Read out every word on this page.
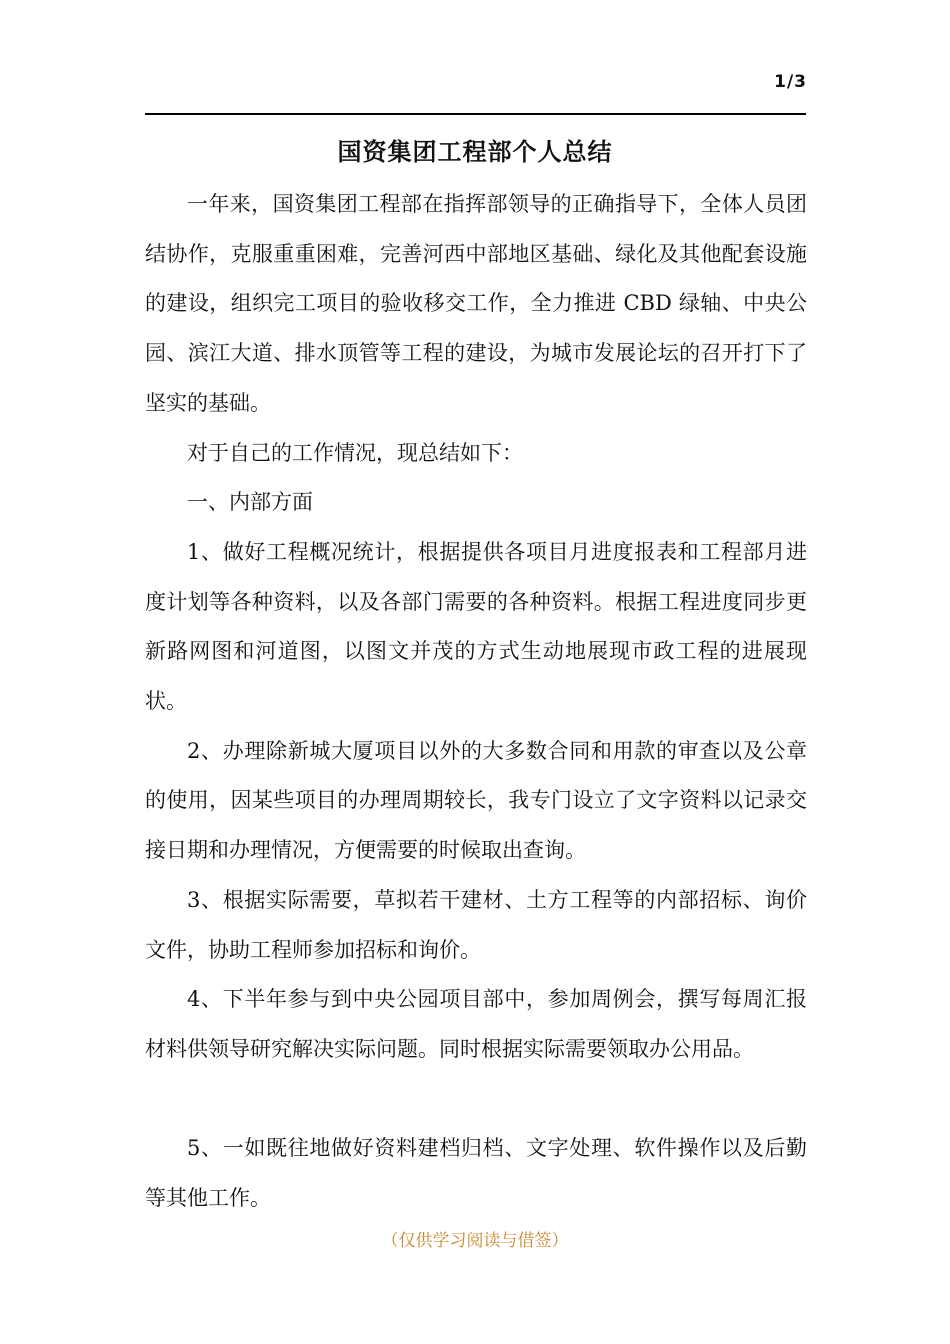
1/3
国资集团工程部个人总结

一年来，国资集团工程部在指挥部领导的正确指导下，全体人员团结协作，克服重重困难，完善河西中部地区基础、绿化及其他配套设施的建设，组织完工项目的验收移交工作，全力推进 CBD 绿轴、中央公园、滨江大道、排水顶管等工程的建设，为城市发展论坛的召开打下了坚实的基础。

对于自己的工作情况，现总结如下：

一、内部方面

1、做好工程概况统计，根据提供各项目月进度报表和工程部月进度计划等各种资料，以及各部门需要的各种资料。根据工程进度同步更新路网图和河道图，以图文并茂的方式生动地展现市政工程的进展现状。

2、办理除新城大厦项目以外的大多数合同和用款的审查以及公章的使用，因某些项目的办理周期较长，我专门设立了文字资料以记录交接日期和办理情况，方便需要的时候取出查询。

3、根据实际需要，草拟若干建材、土方工程等的内部招标、询价文件，协助工程师参加招标和询价。

4、下半年参与到中央公园项目部中，参加周例会，撰写每周汇报材料供领导研究解决实际问题。同时根据实际需要领取办公用品。

5、一如既往地做好资料建档归档、文字处理、软件操作以及后勤等其他工作。

（仅供学习阅读与借签）
